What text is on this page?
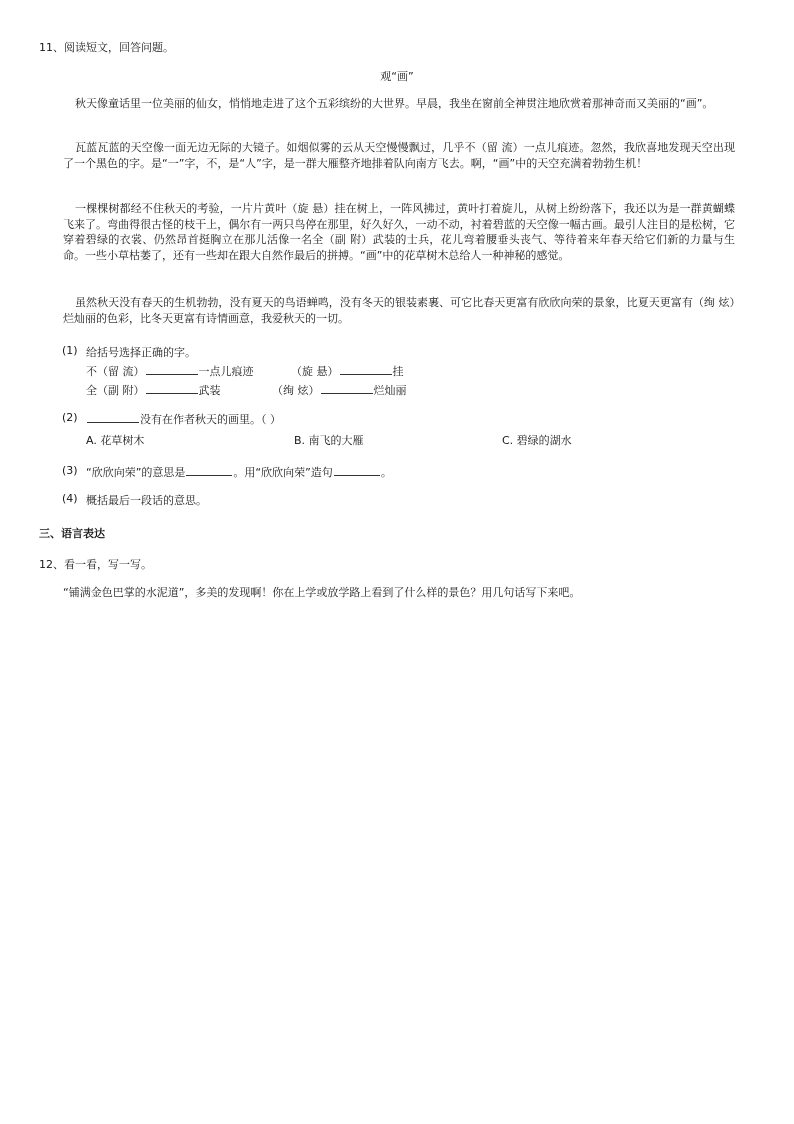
11、阅读短文，回答问题。
观“画”
秋天像童话里一位美丽的仙女，悄悄地走进了这个五彩缤纷的大世界。早晨，我坐在窗前全神贯注地欣赏着那神奇而又美丽的“画”。
瓦蓝瓦蓝的天空像一面无边无际的大镜子。如烟似雾的云从天空慢慢飘过，几乎不（留 流）一点儿痕迹。忽然，我欣喜地发现天空出现了一个黑色的字。是“一”字，不，是“人”字，是一群大雁整齐地排着队向南方飞去。啊，“画”中的天空充满着勃勃生机！
一棵棵树都经不住秋天的考验，一片片黄叶（旋 悬）挂在树上，一阵风拂过，黄叶打着旋儿，从树上纷纷落下，我还以为是一群黄蝴蝶飞来了。弯曲得很古怪的枝干上，偶尔有一两只鸟停在那里，好久好久，一动不动，衬着碧蓝的天空像一幅古画。最引人注目的是松树，它穿着碧绿的衣裳、仍然昂首挺胸立在那儿活像一名全（副 附）武装的士兵，花儿弯着腰垂头丧气、等待着来年春天给它们新的力量与生命。一些小草枯萎了，还有一些却在跟大自然作最后的拼搏。“画”中的花草树木总给人一种神秘的感觉。
虽然秋天没有春天的生机勃勃，没有夏天的鸟语蝉鸣，没有冬天的银装素裹、可它比春天更富有欣欣向荣的景象，比夏天更富有（绚 炫）烂灿丽的色彩，比冬天更富有诗情画意，我爱秋天的一切。
(1) 给括号选择正确的字。
不（留 流）	一点儿痕迹	（旋 悬）	挂
全（副 附）	武装	（绚 炫）	烂灿丽
(2)	没有在作者秋天的画里。（ ）
A. 花草树木	B. 南飞的大雁	C. 碧绿的湖水
(3) “欣欣向荣”的意思是	。用“欣欣向荣”造句	。
(4) 概括最后一段话的意思。
三、语言表达
12、看一看，写一写。
“铺满金色巴掌的水泥道”，多美的发现啊！你在上学或放学路上看到了什么样的景色？用几句话写下来吧。
